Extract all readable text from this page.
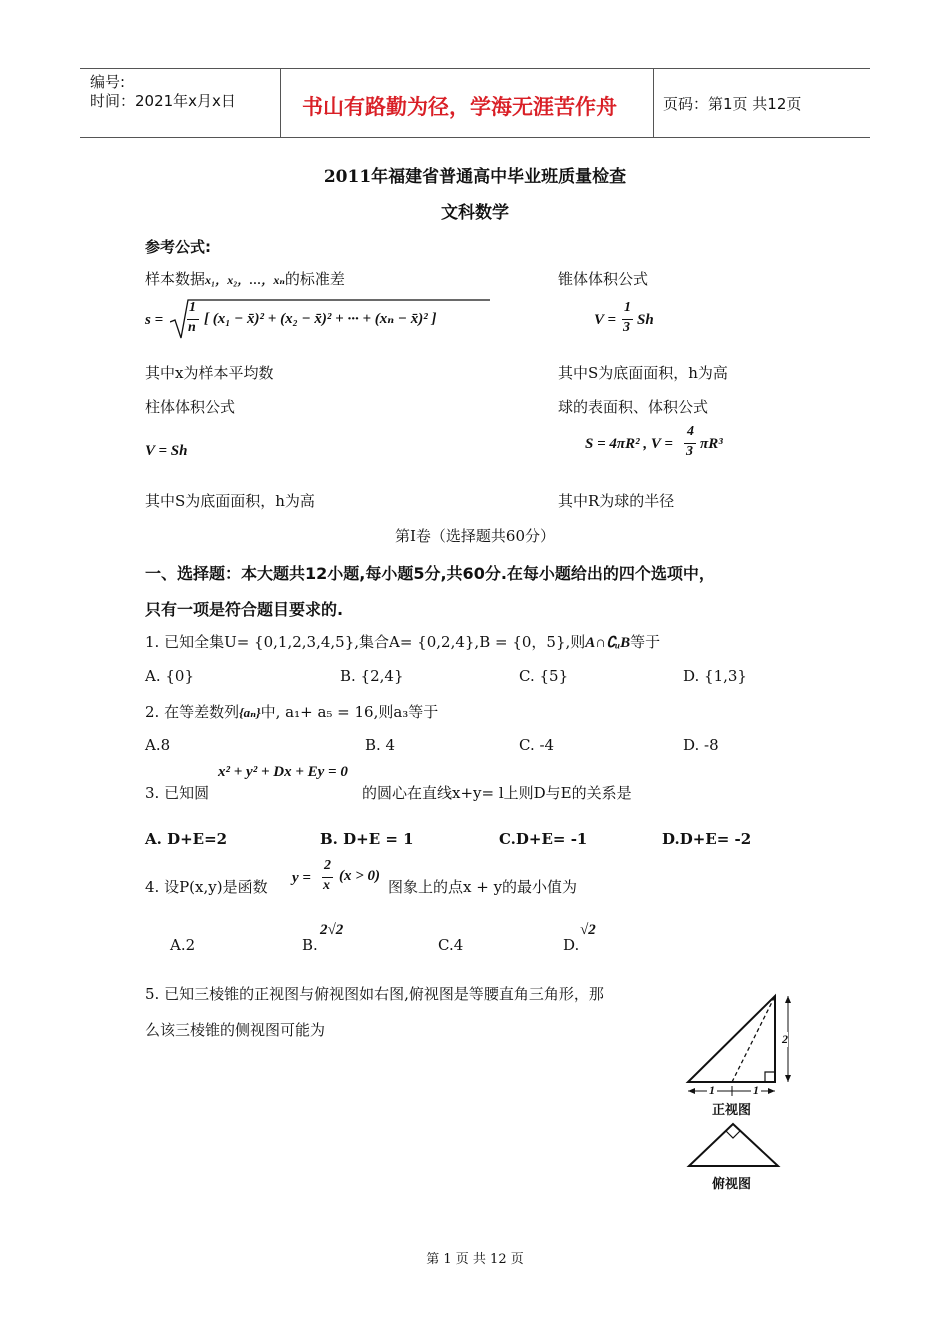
编号:
时间：2021年x月x日	书山有路勤为径，学海无涯苦作舟	页码：第1页 共12页
2011年福建省普通高中毕业班质量检查
文科数学
参考公式:
样本数据x₁，x₂，…，xₙ的标准差
s =
1
n
[ (x₁ − x̄)² + (x₂ − x̄)² + ··· + (xₙ − x̄)² ]
其中x为样本平均数
锥体体积公式
V =
1
3 Sh
其中S为底面面积，h为高
柱体体积公式
V = Sh
其中S为底面面积，h为高
球的表面积、体积公式
S = 4πR² , V =
4
3 πR³
其中R为球的半径
第I卷（选择题共60分）
一、选择题：本大题共12小题,每小题5分,共60分.在每小题给出的四个选项中，
只有一项是符合题目要求的.
1. 已知全集U= {0,1,2,3,4,5},集合A= {0,2,4},B = {0，5},则A∩∁ᵤB等于
A. {0}	B. {2,4}	C. {5}	D. {1,3}
2. 在等差数列{aₙ}中, a₁+ a₅ = 16,则a₃等于
A.8	B. 4	C. -4	D. -8
x² + y² + Dx + Ey = 0
3. 已知圆	的圆心在直线x+y= l上则D与E的关系是
A. D+E=2	B. D+E = 1	C.D+E= -1	D.D+E= -2
4. 设P(x,y)是函数 y =
2
x
(x > 0)
图象上的点x + y的最小值为
A.2	B.
2√2
C.4	D.
√2
5. 已知三棱锥的正视图与俯视图如右图,俯视图是等腰直角三角形，那
么该三棱锥的侧视图可能为	2
1	1
正视图
俯视图
第 1 页 共 12 页
